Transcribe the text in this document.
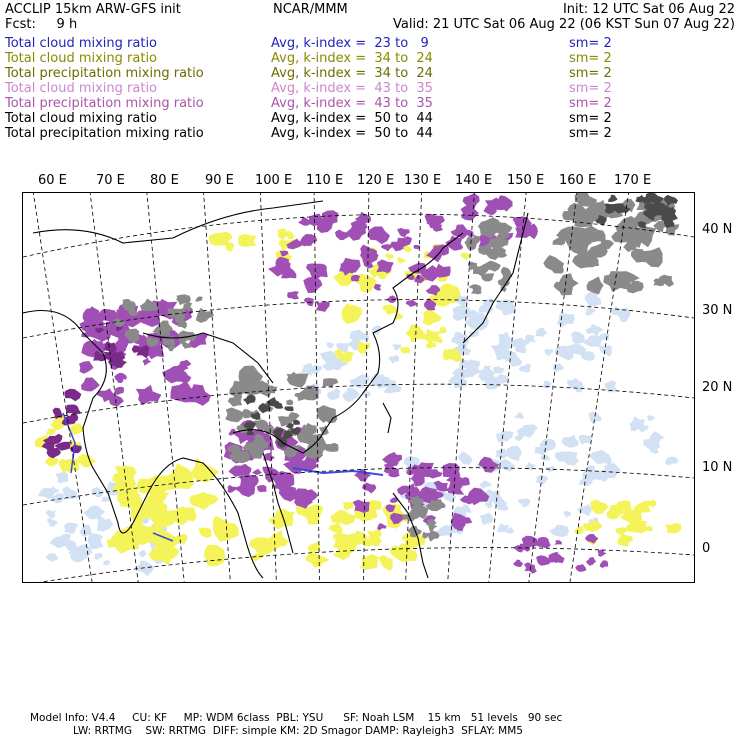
ACCLIP 15km ARW-GFS init	NCAR/MMM	Init: 12 UTC Sat 06 Aug 22
Fcst:     9 h	Valid: 21 UTC Sat 06 Aug 22 (06 KST Sun 07 Aug 22)
Total cloud mixing ratio	Avg, k-index =  23 to   9	sm= 2
Total cloud mixing ratio	Avg, k-index =  34 to  24	sm= 2
Total precipitation mixing ratio	Avg, k-index =  34 to  24	sm= 2
Total cloud mixing ratio	Avg, k-index =  43 to  35	sm= 2
Total precipitation mixing ratio	Avg, k-index =  43 to  35	sm= 2
Total cloud mixing ratio	Avg, k-index =  50 to  44	sm= 2
Total precipitation mixing ratio	Avg, k-index =  50 to  44	sm= 2
60 E 70 E 80 E 90 E 100 E 110 E 120 E 130 E 140 E 150 E 160 E 170 E
40 N
30 N
20 N
10 N
0
Model Info: V4.4     CU: KF     MP: WDM 6class  PBL: YSU      SF: Noah LSM    15 km   51 levels   90 sec
LW: RRTMG    SW: RRTMG  DIFF: simple KM: 2D Smagor DAMP: Rayleigh3  SFLAY: MM5
